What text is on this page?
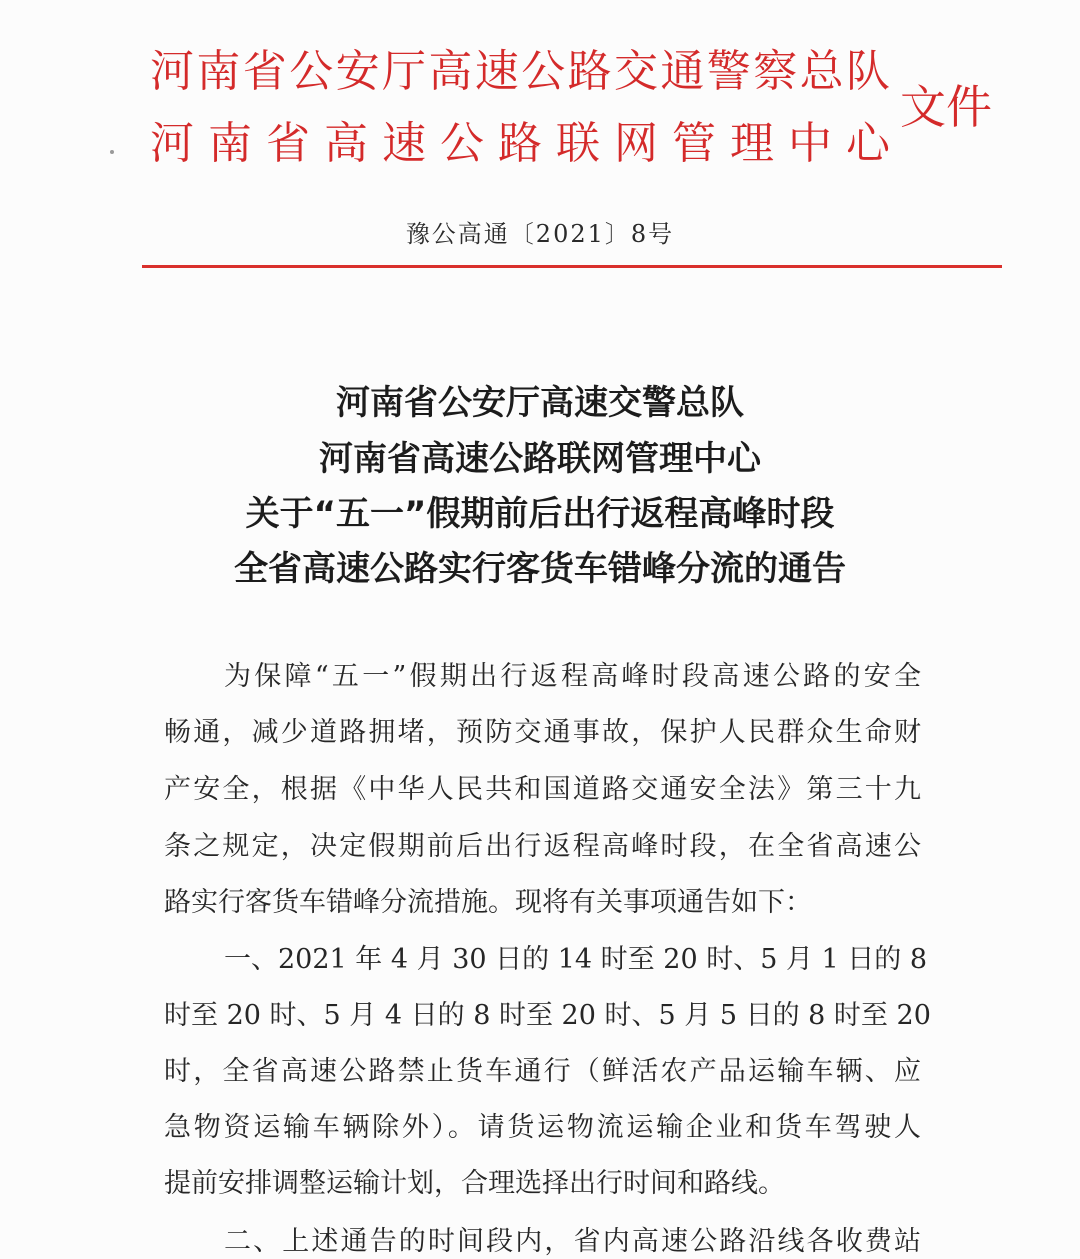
河南省公安厅高速公路交通警察总队
河南省高速公路联网管理中心
文件
豫公高通〔2021〕8号
河南省公安厅高速交警总队
河南省高速公路联网管理中心
关于“五一”假期前后出行返程高峰时段
全省高速公路实行客货车错峰分流的通告
为保障“五一”假期出行返程高峰时段高速公路的安全
畅通，减少道路拥堵，预防交通事故，保护人民群众生命财
产安全，根据《中华人民共和国道路交通安全法》第三十九
条之规定，决定假期前后出行返程高峰时段，在全省高速公
路实行客货车错峰分流措施。现将有关事项通告如下：
一、2021 年 4 月 30 日的 14 时至 20 时、5 月 1 日的 8
时至 20 时、5 月 4 日的 8 时至 20 时、5 月 5 日的 8 时至 20
时，全省高速公路禁止货车通行（鲜活农产品运输车辆、应
急物资运输车辆除外）。请货运物流运输企业和货车驾驶人
提前安排调整运输计划，合理选择出行时间和路线。
二、上述通告的时间段内，省内高速公路沿线各收费站
